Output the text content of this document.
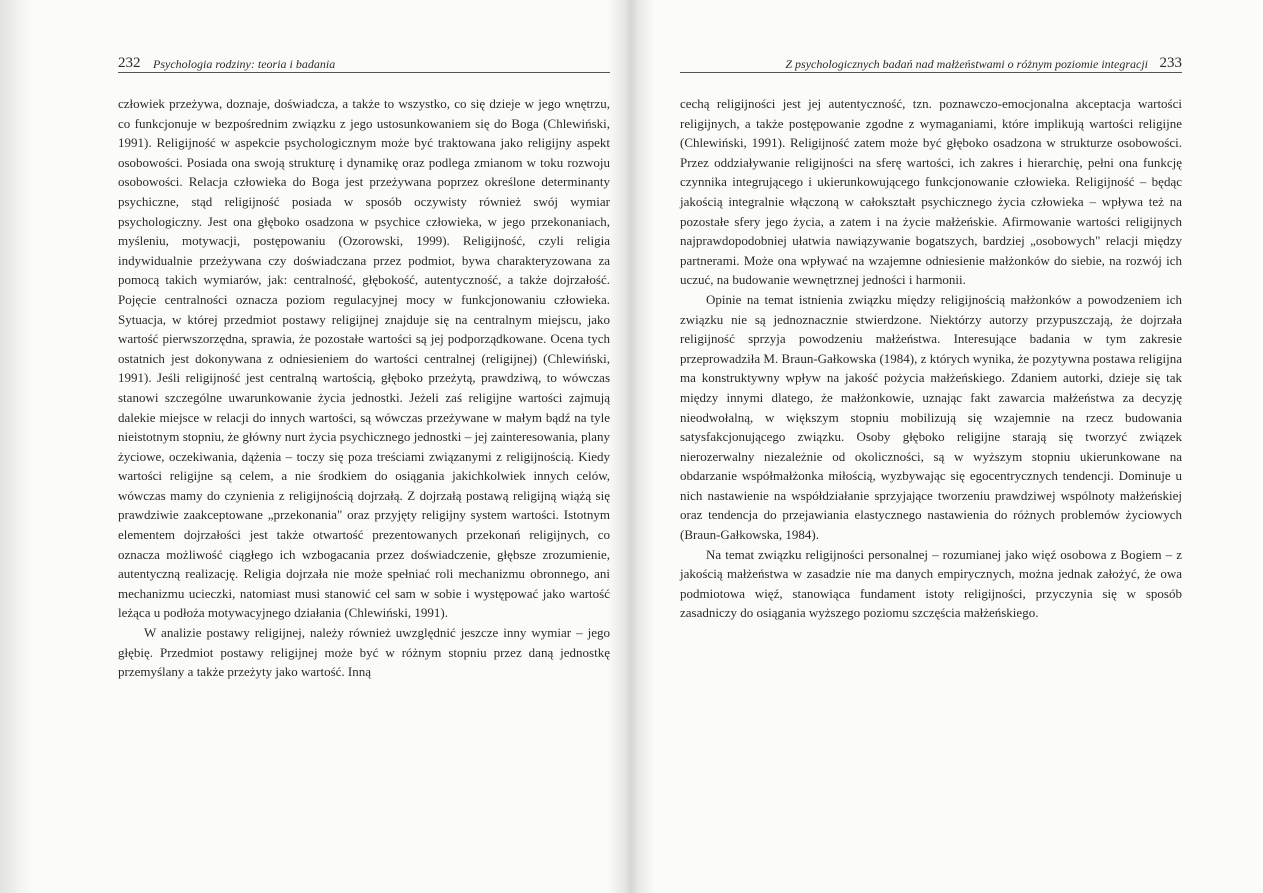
232 Psychologia rodziny: teoria i badania

człowiek przeżywa, doznaje, doświadcza, a także to wszystko, co się dzieje w jego wnętrzu, co funkcjonuje w bezpośrednim związku z jego ustosunkowaniem się do Boga (Chlewiński, 1991). Religijność w aspekcie psychologicznym może być traktowana jako religijny aspekt osobowości. Posiada ona swoją strukturę i dynamikę oraz podlega zmianom w toku rozwoju osobowości. Relacja człowieka do Boga jest przeżywana poprzez określone determinanty psychiczne, stąd religijność posiada w sposób oczywisty również swój wymiar psychologiczny. Jest ona głęboko osadzona w psychice człowieka, w jego przekonaniach, myśleniu, motywacji, postępowaniu (Ozorowski, 1999). Religijność, czyli religia indywidualnie przeżywana czy doświadczana przez podmiot, bywa charakteryzowana za pomocą takich wymiarów, jak: centralność, głębokość, autentyczność, a także dojrzałość. Pojęcie centralności oznacza poziom regulacyjnej mocy w funkcjonowaniu człowieka. Sytuacja, w której przedmiot postawy religijnej znajduje się na centralnym miejscu, jako wartość pierwszorzędna, sprawia, że pozostałe wartości są jej podporządkowane. Ocena tych ostatnich jest dokonywana z odniesieniem do wartości centralnej (religijnej) (Chlewiński, 1991). Jeśli religijność jest centralną wartością, głęboko przeżytą, prawdziwą, to wówczas stanowi szczególne uwarunkowanie życia jednostki. Jeżeli zaś religijne wartości zajmują dalekie miejsce w relacji do innych wartości, są wówczas przeżywane w małym bądź na tyle nieistotnym stopniu, że główny nurt życia psychicznego jednostki – jej zainteresowania, plany życiowe, oczekiwania, dążenia – toczy się poza treściami związanymi z religijnością. Kiedy wartości religijne są celem, a nie środkiem do osiągania jakichkolwiek innych celów, wówczas mamy do czynienia z religijnością dojrzałą. Z dojrzałą postawą religijną wiążą się prawdziwie zaakceptowane „przekonania" oraz przyjęty religijny system wartości. Istotnym elementem dojrzałości jest także otwartość prezentowanych przekonań religijnych, co oznacza możliwość ciągłego ich wzbogacania przez doświadczenie, głębsze zrozumienie, autentyczną realizację. Religia dojrzała nie może spełniać roli mechanizmu obronnego, ani mechanizmu ucieczki, natomiast musi stanowić cel sam w sobie i występować jako wartość leżąca u podłoża motywacyjnego działania (Chlewiński, 1991).

W analizie postawy religijnej, należy również uwzględnić jeszcze inny wymiar – jego głębię. Przedmiot postawy religijnej może być w różnym stopniu przez daną jednostkę przemyślany a także przeżyty jako wartość. Inną

Z psychologicznych badań nad małżeństwami o różnym poziomie integracji 233

cechą religijności jest jej autentyczność, tzn. poznawczo-emocjonalna akceptacja wartości religijnych, a także postępowanie zgodne z wymaganiami, które implikują wartości religijne (Chlewiński, 1991). Religijność zatem może być głęboko osadzona w strukturze osobowości. Przez oddziaływanie religijności na sferę wartości, ich zakres i hierarchię, pełni ona funkcję czynnika integrującego i ukierunkowującego funkcjonowanie człowieka. Religijność – będąc jakością integralnie włączoną w całokształt psychicznego życia człowieka – wpływa też na pozostałe sfery jego życia, a zatem i na życie małżeńskie. Afirmowanie wartości religijnych najprawdopodobniej ułatwia nawiązywanie bogatszych, bardziej „osobowych" relacji między partnerami. Może ona wpływać na wzajemne odniesienie małżonków do siebie, na rozwój ich uczuć, na budowanie wewnętrznej jedności i harmonii.

Opinie na temat istnienia związku między religijnością małżonków a powodzeniem ich związku nie są jednoznacznie stwierdzone. Niektórzy autorzy przypuszczają, że dojrzała religijność sprzyja powodzeniu małżeństwa. Interesujące badania w tym zakresie przeprowadziła M. Braun-Gałkowska (1984), z których wynika, że pozytywna postawa religijna ma konstruktywny wpływ na jakość pożycia małżeńskiego. Zdaniem autorki, dzieje się tak między innymi dlatego, że małżonkowie, uznając fakt zawarcia małżeństwa za decyzję nieodwołalną, w większym stopniu mobilizują się wzajemnie na rzecz budowania satysfakcjonującego związku. Osoby głęboko religijne starają się tworzyć związek nierozerwalny niezależnie od okoliczności, są w wyższym stopniu ukierunkowane na obdarzanie współmałżonka miłością, wyzbywając się egocentrycznych tendencji. Dominuje u nich nastawienie na współdziałanie sprzyjające tworzeniu prawdziwej wspólnoty małżeńskiej oraz tendencja do przejawiania elastycznego nastawienia do różnych problemów życiowych (Braun-Gałkowska, 1984).

Na temat związku religijności personalnej – rozumianej jako więź osobowa z Bogiem – z jakością małżeństwa w zasadzie nie ma danych empirycznych, można jednak założyć, że owa podmiotowa więź, stanowiąca fundament istoty religijności, przyczynia się w sposób zasadniczy do osiągania wyższego poziomu szczęścia małżeńskiego.
